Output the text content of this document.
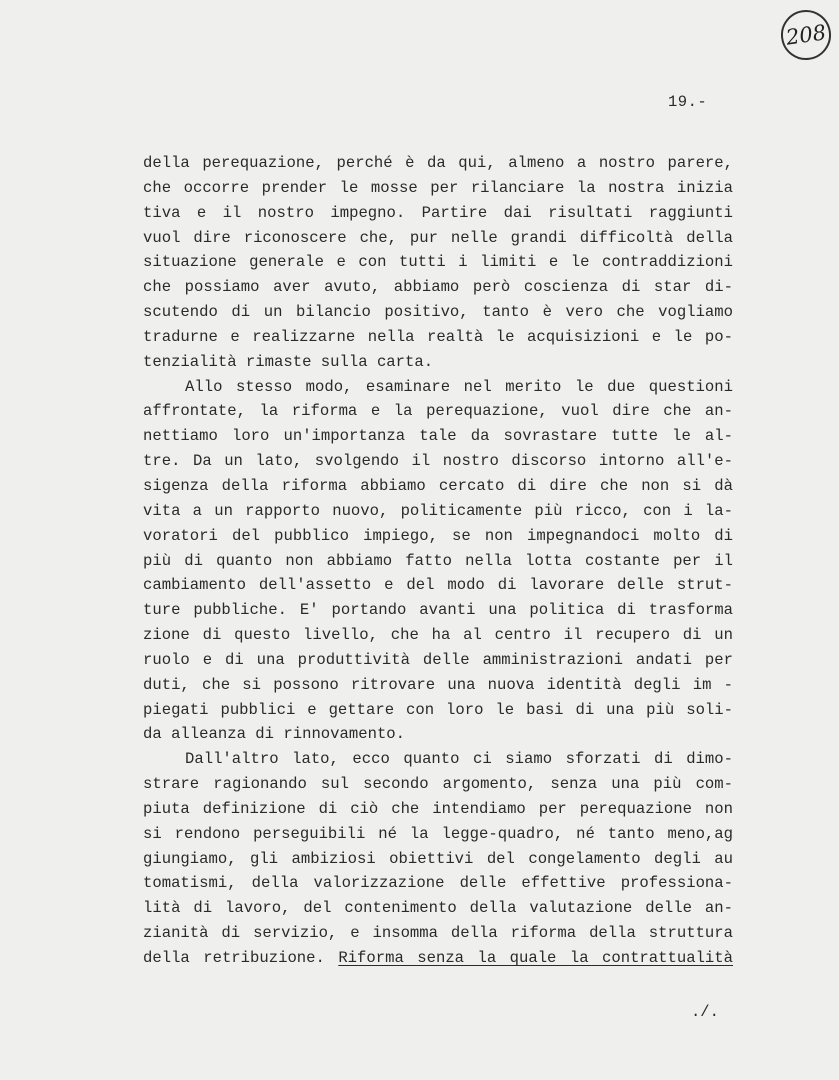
208
19.-
della perequazione, perché è da qui, almeno a nostro parere,
che occorre prender le mosse per rilanciare la nostra inizia
tiva e il nostro impegno. Partire dai risultati raggiunti
vuol dire riconoscere che, pur nelle grandi difficoltà della
situazione generale e con tutti i limiti e le contraddizioni
che possiamo aver avuto, abbiamo però coscienza di star di-
scutendo di un bilancio positivo, tanto è vero che vogliamo
tradurne e realizzarne nella realtà le acquisizioni e le po-
tenzialità rimaste sulla carta.
Allo stesso modo, esaminare nel merito le due questioni
affrontate, la riforma e la perequazione, vuol dire che an-
nettiamo loro un'importanza tale da sovrastare tutte le al-
tre. Da un lato, svolgendo il nostro discorso intorno all'e-
sigenza della riforma abbiamo cercato di dire che non si dà
vita a un rapporto nuovo, politicamente più ricco, con i la-
voratori del pubblico impiego, se non impegnandoci molto di
più di quanto non abbiamo fatto nella lotta costante per il
cambiamento dell'assetto e del modo di lavorare delle strut-
ture pubbliche. E' portando avanti una politica di trasforma
zione di questo livello, che ha al centro il recupero di un
ruolo e di una produttività delle amministrazioni andati per
duti, che si possono ritrovare una nuova identità degli im -
piegati pubblici e gettare con loro le basi di una più soli-
da alleanza di rinnovamento.
Dall'altro lato, ecco quanto ci siamo sforzati di dimo-
strare ragionando sul secondo argomento, senza una più com-
piuta definizione di ciò che intendiamo per perequazione non
si rendono perseguibili né la legge-quadro, né tanto meno,ag
giungiamo, gli ambiziosi obiettivi del congelamento degli au
tomatismi, della valorizzazione delle effettive professiona-
lità di lavoro, del contenimento della valutazione delle an-
zianità di servizio, e insomma della riforma della struttura
della retribuzione. Riforma senza la quale la contrattualità
./.
